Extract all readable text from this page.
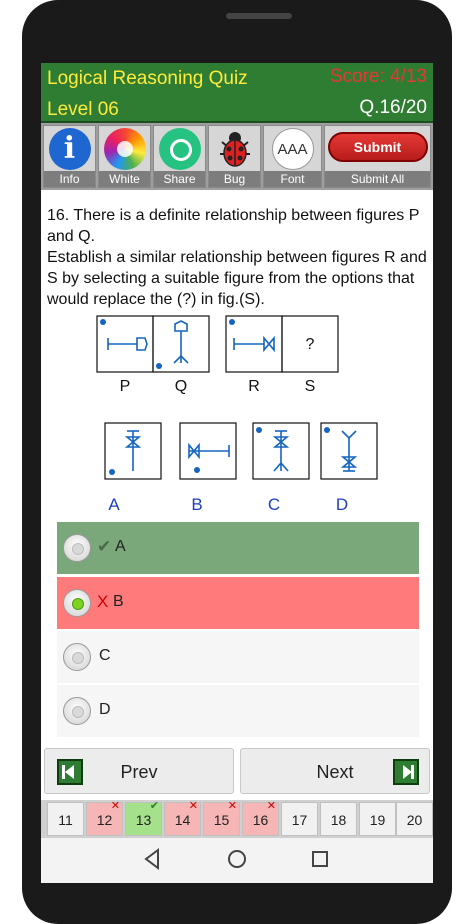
Logical Reasoning Quiz	Score: 4/13
Level 06	Q.16/20
i
Info	White	Share	Bug
AAA
Font
Submit
Submit All

16. There is a definite relationship between figures P and Q.

Establish a similar relationship between figures R and S by selecting a suitable figure from the options that would replace the (?) in fig.(S).

?
P	Q	R	S
A	B	C	D
✔ A
X B
C
D
Prev	Next
11	12
✕
13
✔
14
✕
15
✕
16
✕
17	18	19	20
